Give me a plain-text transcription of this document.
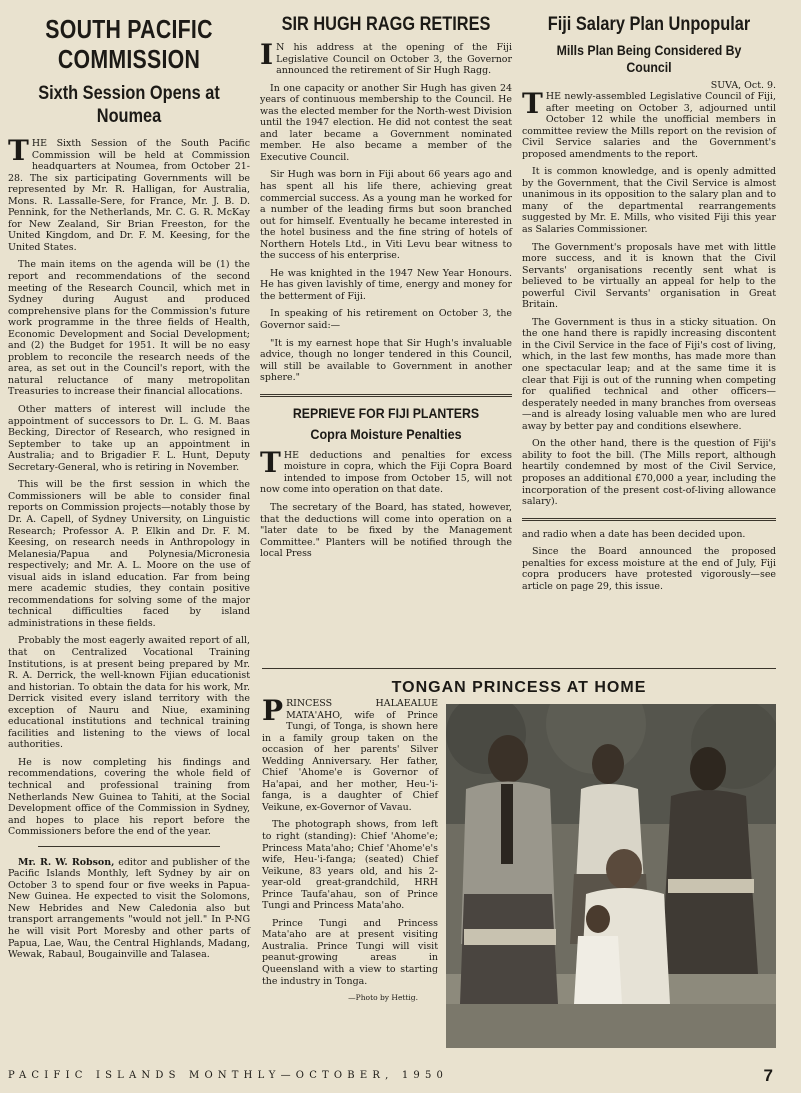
SOUTH PACIFIC COMMISSION
Sixth Session Opens at Noumea

THE Sixth Session of the South Pacific Commission will be held at Commission headquarters at Noumea, from October 21-28. The six participating Governments will be represented by Mr. R. Halligan, for Australia, Mons. R. Lassalle-Sere, for France, Mr. J. B. D. Pennink, for the Netherlands, Mr. C. G. R. McKay for New Zealand, Sir Brian Freeston, for the United Kingdom, and Dr. F. M. Keesing, for the United States.

The main items on the agenda will be (1) the report and recommendations of the second meeting of the Research Council, which met in Sydney during August and produced comprehensive plans for the Commission's future work programme in the three fields of Health, Economic Development and Social Development; and (2) the Budget for 1951. It will be no easy problem to reconcile the research needs of the area, as set out in the Council's report, with the natural reluctance of many metropolitan Treasuries to increase their financial allocations.

Other matters of interest will include the appointment of successors to Dr. L. G. M. Baas Becking, Director of Research, who resigned in September to take up an appointment in Australia; and to Brigadier F. L. Hunt, Deputy Secretary-General, who is retiring in November.

This will be the first session in which the Commissioners will be able to consider final reports on Commission projects—notably those by Dr. A. Capell, of Sydney University, on Linguistic Research; Professor A. P. Elkin and Dr. F. M. Keesing, on research needs in Anthropology in Melanesia/Papua and Polynesia/Micronesia respectively; and Mr. A. L. Moore on the use of visual aids in island education. Far from being mere academic studies, they contain positive recommendations for solving some of the major technical difficulties faced by island administrations in these fields.

Probably the most eagerly awaited report of all, that on Centralized Vocational Training Institutions, is at present being prepared by Mr. R. A. Derrick, the well-known Fijian educationist and historian. To obtain the data for his work, Mr. Derrick visited every island territory with the exception of Nauru and Niue, examining educational institutions and technical training facilities and listening to the views of local authorities.

He is now completing his findings and recommendations, covering the whole field of technical and professional training from Netherlands New Guinea to Tahiti, at the Social Development office of the Commission in Sydney, and hopes to place his report before the Commissioners before the end of the year.

Mr. R. W. Robson, editor and publisher of the Pacific Islands Monthly, left Sydney by air on October 3 to spend four or five weeks in Papua-New Guinea. He expected to visit the Solomons, New Hebrides and New Caledonia also but transport arrangements "would not jell." In P-NG he will visit Port Moresby and other parts of Papua, Lae, Wau, the Central Highlands, Madang, Wewak, Rabaul, Bougainville and Talasea.

SIR HUGH RAGG RETIRES

IN his address at the opening of the Fiji Legislative Council on October 3, the Governor announced the retirement of Sir Hugh Ragg.

In one capacity or another Sir Hugh has given 24 years of continuous membership to the Council. He was the elected member for the North-west Division until the 1947 election. He did not contest the seat and later became a Government nominated member. He also became a member of the Executive Council.

Sir Hugh was born in Fiji about 66 years ago and has spent all his life there, achieving great commercial success. As a young man he worked for a number of the leading firms but soon branched out for himself. Eventually he became interested in the hotel business and the fine string of hotels of Northern Hotels Ltd., in Viti Levu bear witness to the success of his enterprise.

He was knighted in the 1947 New Year Honours. He has given lavishly of time, energy and money for the betterment of Fiji.

In speaking of his retirement on October 3, the Governor said:—

"It is my earnest hope that Sir Hugh's invaluable advice, though no longer tendered in this Council, will still be available to Government in another sphere."

REPRIEVE FOR FIJI PLANTERS
Copra Moisture Penalties

THE deductions and penalties for excess moisture in copra, which the Fiji Copra Board intended to impose from October 15, will not now come into operation on that date.

The secretary of the Board, has stated, however, that the deductions will come into operation on a "later date to be fixed by the Management Committee." Planters will be notified through the local Press

Fiji Salary Plan Unpopular
Mills Plan Being Considered By Council

SUVA, Oct. 9.

THE newly-assembled Legislative Council of Fiji, after meeting on October 3, adjourned until October 12 while the unofficial members in committee review the Mills report on the revision of Civil Service salaries and the Government's proposed amendments to the report.

It is common knowledge, and is openly admitted by the Government, that the Civil Service is almost unanimous in its opposition to the salary plan and to many of the departmental rearrangements suggested by Mr. E. Mills, who visited Fiji this year as Salaries Commissioner.

The Government's proposals have met with little more success, and it is known that the Civil Servants' organisations recently sent what is believed to be virtually an appeal for help to the powerful Civil Servants' organisation in Great Britain.

The Government is thus in a sticky situation. On the one hand there is rapidly increasing discontent in the Civil Service in the face of Fiji's cost of living, which, in the last few months, has made more than one spectacular leap; and at the same time it is clear that Fiji is out of the running when competing for qualified technical and other officers—desperately needed in many branches from overseas—and is already losing valuable men who are lured away by better pay and conditions elsewhere.

On the other hand, there is the question of Fiji's ability to foot the bill. (The Mills report, although heartily condemned by most of the Civil Service, proposes an additional £70,000 a year, including the incorporation of the present cost-of-living allowance salary).

and radio when a date has been decided upon.

Since the Board announced the proposed penalties for excess moisture at the end of July, Fiji copra producers have protested vigorously—see article on page 29, this issue.

TONGAN PRINCESS AT HOME

PRINCESS HALAEALUE MATA'AHO, wife of Prince Tungi, of Tonga, is shown here in a family group taken on the occasion of her parents' Silver Wedding Anniversary. Her father, Chief 'Ahome'e is Governor of Ha'apai, and her mother, Heu-'i-fanga, is a daughter of Chief Veikune, ex-Governor of Vavau.

The photograph shows, from left to right (standing): Chief 'Ahome'e; Princess Mata'aho; Chief 'Ahome'e's wife, Heu-'i-fanga; (seated) Chief Veikune, 83 years old, and his 2-year-old great-grandchild, HRH Prince Taufa'ahau, son of Prince Tungi and Princess Mata'aho.

Prince Tungi and Princess Mata'aho are at present visiting Australia. Prince Tungi will visit peanut-growing areas in Queensland with a view to starting the industry in Tonga.

—Photo by Hettig.

PACIFIC ISLANDS MONTHLY—OCTOBER, 1950	7
